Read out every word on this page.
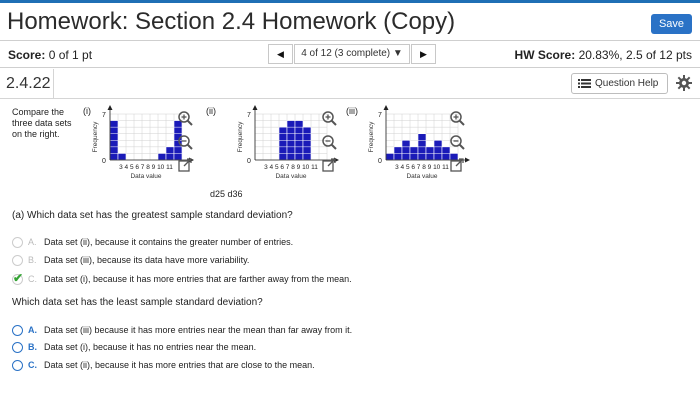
Homework: Section 2.4 Homework (Copy)	Save
Score: 0 of 1 pt	◀	4 of 12 (3 complete) ▼	▶	HW Score: 20.83%, 2.5 of 12 pts
2.4.22	Question Help
Compare the
three data sets
on the right.
(i) 7
0
3 4 5 6 7 8 9 10 11
Data value
Frequency
(ii)	7
0
3 4 5 6 7 8 9 10 11
Data value
Frequency
(iii)	7
0
3 4 5 6 7 8 9 10 11
Data value
Frequency
d25 d36
(a) Which data set has the greatest sample standard deviation?
A. Data set (ii), because it contains the greater number of entries.
B. Data set (iii), because its data have more variability.
✔ C. Data set (i), because it has more entries that are farther away from the mean.
Which data set has the least sample standard deviation?
A. Data set (iii) because it has more entries near the mean than far away from it.
B. Data set (i), because it has no entries near the mean.
C. Data set (ii), because it has more entries that are close to the mean.
